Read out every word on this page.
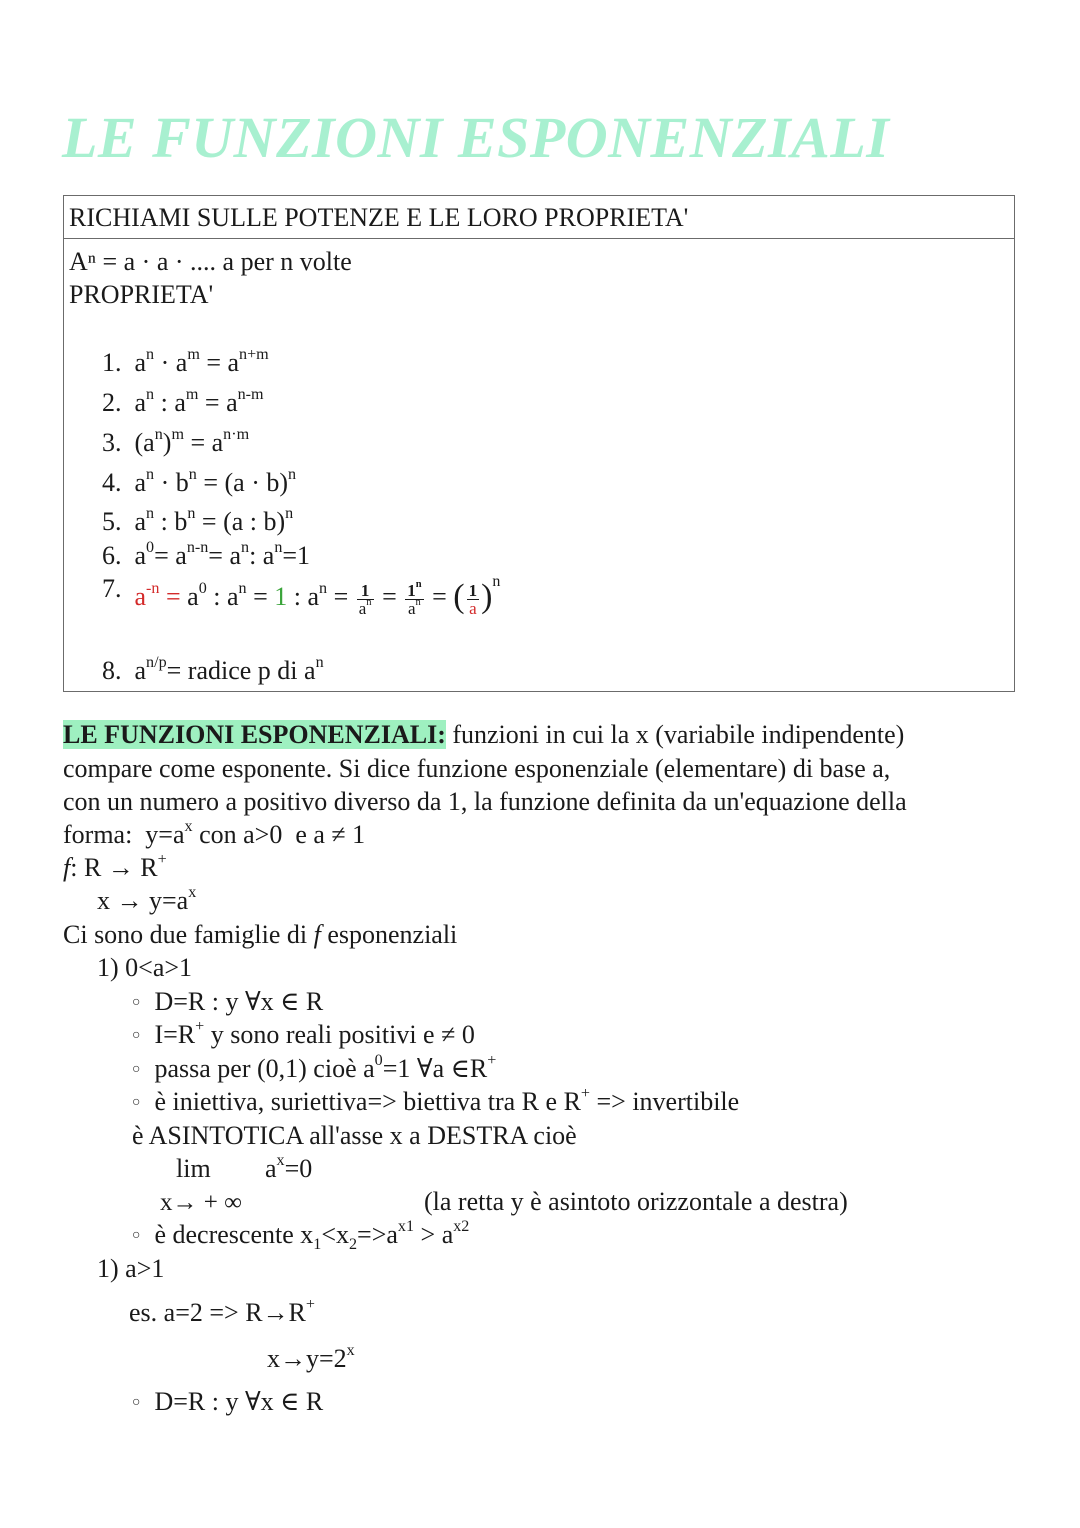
LE FUNZIONI ESPONENZIALI
RICHIAMI SULLE POTENZE E LE LORO PROPRIETA'
Aⁿ = a · a · .... a per n volte
PROPRIETA'
1.  $a^n \cdot a^m = a^{n+m}$
2.  $a^n$ : $a^m = a^{n-m}$
3.  $(a^n)^m = a^{n\cdot m}$
4.  $a^n \cdot b^n = (a \cdot b)^n$
5.  $a^n$ : $b^n = (a$ : b)$^n$
6.  $a^0= a^{n-n}= a^n$: $a^n=1$
7. $a^{-n} = a^0$ : $a^n = 1$ : $a^n = \frac{1}{a^n} = \frac{1^n}{a^n}$ = ( $\frac{1}{a} )^n$
8.  $a^{n/p}=$ radice p di $a^n$
LE FUNZIONI ESPONENZIALI: funzioni in cui la x (variabile indipendente)
compare come esponente. Si dice funzione esponenziale (elementare) di base a,
con un numero a positivo diverso da 1, la funzione definita da un'equazione della
forma:  $y=a^x$ con a>0  e a ≠ 1
f: R → R+
$x \to y=a^x$
Ci sono due famiglie di f esponenziali
1) 0<a>1
○ D=R : y ∀x ∈ R
○ I=R+ y sono reali positivi e ≠ 0
○ passa per (0,1) cioè $a^0=1$ ∀a ∈R+
○ è iniettiva, suriettiva=> biettiva tra R e R+ => invertibile
è ASINTOTICA all'asse x a DESTRA cioè
$\lim a^x=0$
x→ + ∞	(la retta y è asintoto orizzontale a destra)
○ è decrescente $x_1<x_2=>a^{x1} > a^{x2}$
1) a>1
es. a=2 => R→R+
$x\to y=2^x$
○ D=R : y ∀x ∈ R
